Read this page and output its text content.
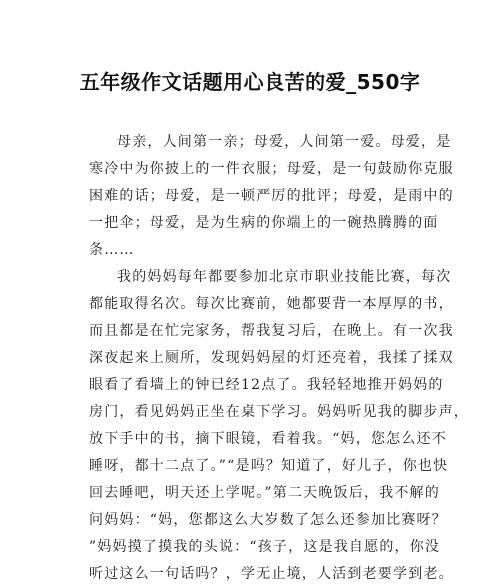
五年级作文话题用心良苦的爱_550字
母亲，人间第一亲；母爱，人间第一爱。母爱，是
寒冷中为你披上的一件衣服；母爱，是一句鼓励你克服
困难的话；母爱，是一顿严厉的批评；母爱，是雨中的
一把伞；母爱，是为生病的你端上的一碗热腾腾的面
条……
我的妈妈每年都要参加北京市职业技能比赛，每次
都能取得名次。每次比赛前，她都要背一本厚厚的书，
而且都是在忙完家务，帮我复习后，在晚上。有一次我
深夜起来上厕所，发现妈妈屋的灯还亮着，我揉了揉双
眼看了看墙上的钟已经12点了。我轻轻地推开妈妈的
房门，看见妈妈正坐在桌下学习。妈妈听见我的脚步声，
放下手中的书，摘下眼镜，看着我。“妈，您怎么还不
睡呀，都十二点了。”“是吗？知道了，好儿子，你也快
回去睡吧，明天还上学呢。”第二天晚饭后，我不解的
问妈妈：“妈，您都这么大岁数了怎么还参加比赛呀？
”妈妈摸了摸我的头说：“孩子，这是我自愿的，你没
听过这么一句话吗？，学无止境，人活到老要学到老。
